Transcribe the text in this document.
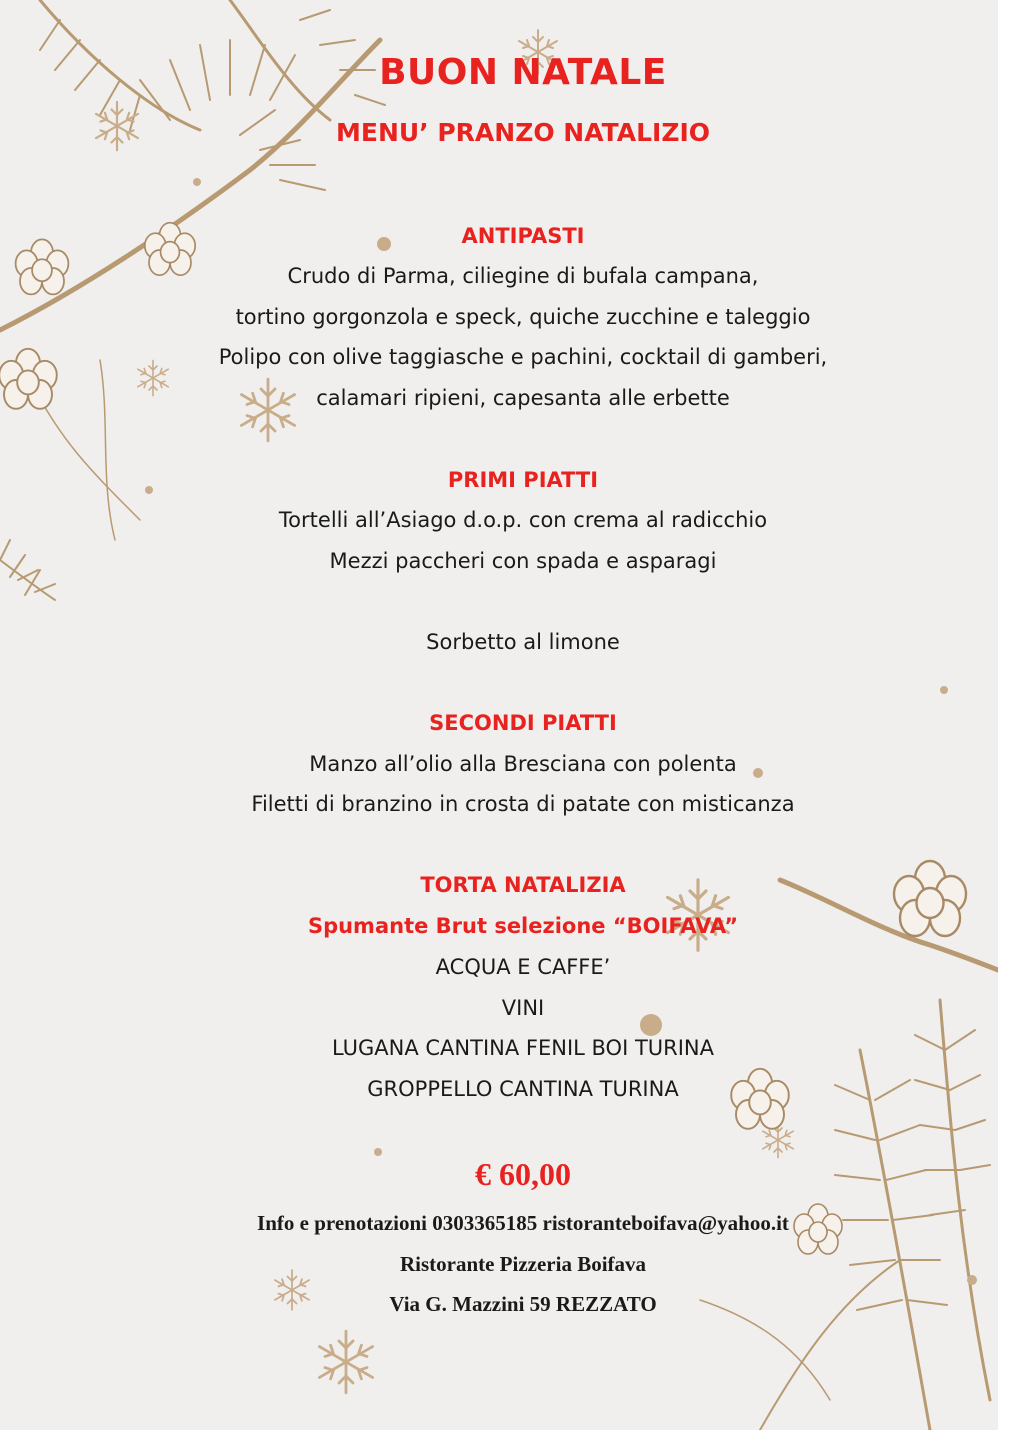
BUON NATALE
MENU’ PRANZO NATALIZIO
ANTIPASTI
Crudo di Parma, ciliegine di bufala campana,
tortino gorgonzola e speck, quiche zucchine e taleggio
Polipo con olive taggiasche e pachini, cocktail di gamberi,
calamari ripieni, capesanta alle erbette
PRIMI PIATTI
Tortelli all’Asiago d.o.p. con crema al radicchio
Mezzi paccheri con spada e asparagi
Sorbetto al limone
SECONDI PIATTI
Manzo all’olio alla Bresciana con polenta
Filetti di branzino in crosta di patate con misticanza
TORTA NATALIZIA
Spumante Brut selezione “BOIFAVA”
ACQUA E CAFFE’
VINI
LUGANA CANTINA FENIL BOI TURINA
GROPPELLO CANTINA TURINA
€ 60,00
Info e prenotazioni 0303365185 ristoranteboifava@yahoo.it
Ristorante Pizzeria Boifava
Via G. Mazzini 59 REZZATO
